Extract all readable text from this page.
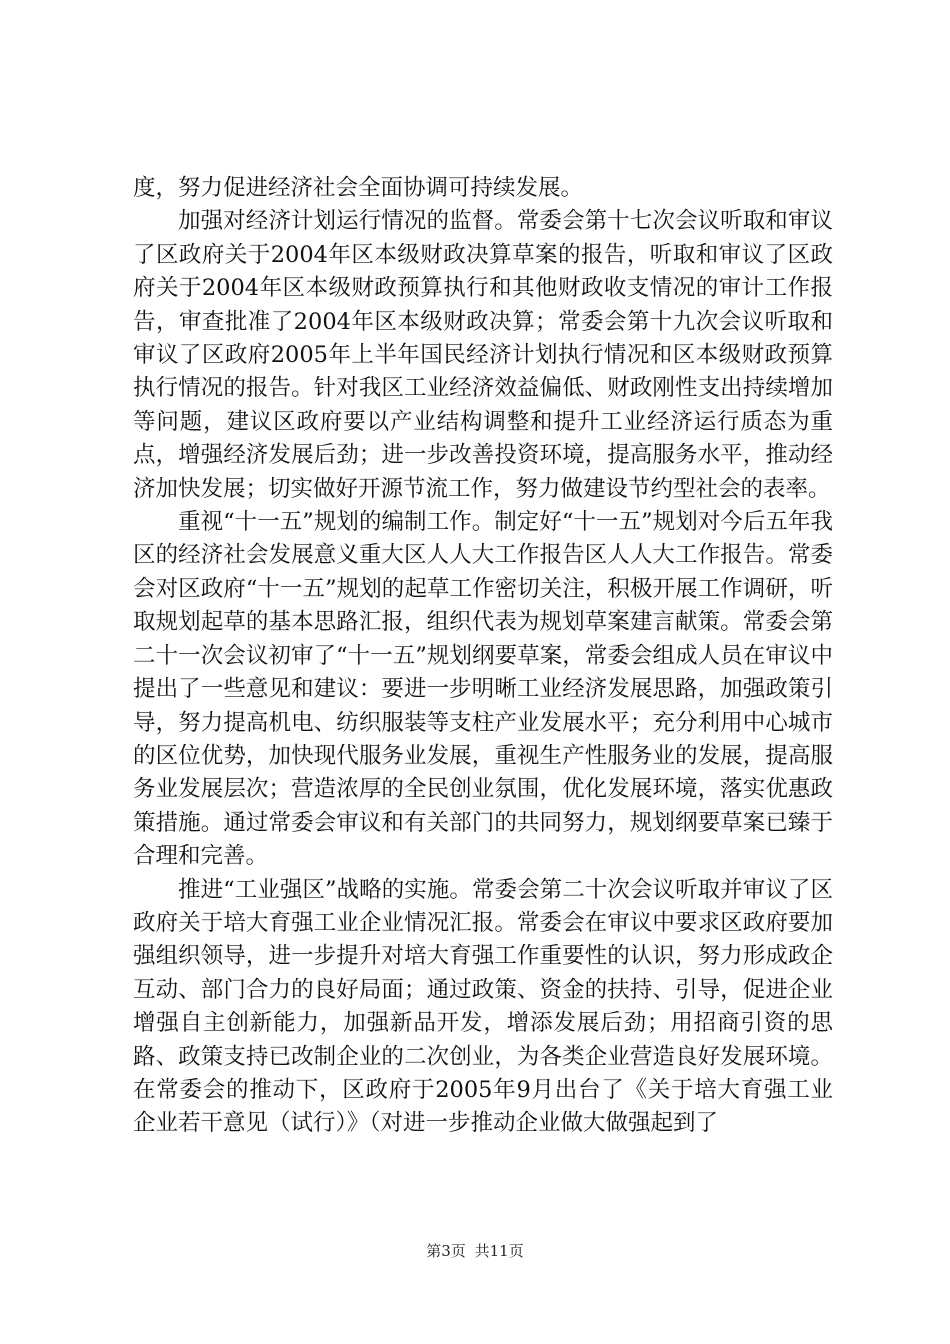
度，努力促进经济社会全面协调可持续发展。

加强对经济计划运行情况的监督。常委会第十七次会议听取和审议了区政府关于2004年区本级财政决算草案的报告，听取和审议了区政府关于2004年区本级财政预算执行和其他财政收支情况的审计工作报告，审查批准了2004年区本级财政决算；常委会第十九次会议听取和审议了区政府2005年上半年国民经济计划执行情况和区本级财政预算执行情况的报告。针对我区工业经济效益偏低、财政刚性支出持续增加等问题，建议区政府要以产业结构调整和提升工业经济运行质态为重点，增强经济发展后劲；进一步改善投资环境，提高服务水平，推动经济加快发展；切实做好开源节流工作，努力做建设节约型社会的表率。

重视“十一五”规划的编制工作。制定好“十一五”规划对今后五年我区的经济社会发展意义重大区人人大工作报告区人人大工作报告。常委会对区政府“十一五”规划的起草工作密切关注，积极开展工作调研，听取规划起草的基本思路汇报，组织代表为规划草案建言献策。常委会第二十一次会议初审了“十一五”规划纲要草案，常委会组成人员在审议中提出了一些意见和建议：要进一步明晰工业经济发展思路，加强政策引导，努力提高机电、纺织服装等支柱产业发展水平；充分利用中心城市的区位优势，加快现代服务业发展，重视生产性服务业的发展，提高服务业发展层次；营造浓厚的全民创业氛围，优化发展环境，落实优惠政策措施。通过常委会审议和有关部门的共同努力，规划纲要草案已臻于合理和完善。

推进“工业强区”战略的实施。常委会第二十次会议听取并审议了区政府关于培大育强工业企业情况汇报。常委会在审议中要求区政府要加强组织领导，进一步提升对培大育强工作重要性的认识，努力形成政企互动、部门合力的良好局面；通过政策、资金的扶持、引导，促进企业增强自主创新能力，加强新品开发，增添发展后劲；用招商引资的思路、政策支持已改制企业的二次创业，为各类企业营造良好发展环境。在常委会的推动下，区政府于2005年9月出台了《关于培大育强工业企业若干意见（试行）》（对进一步推动企业做大做强起到了

第3页 共11页
